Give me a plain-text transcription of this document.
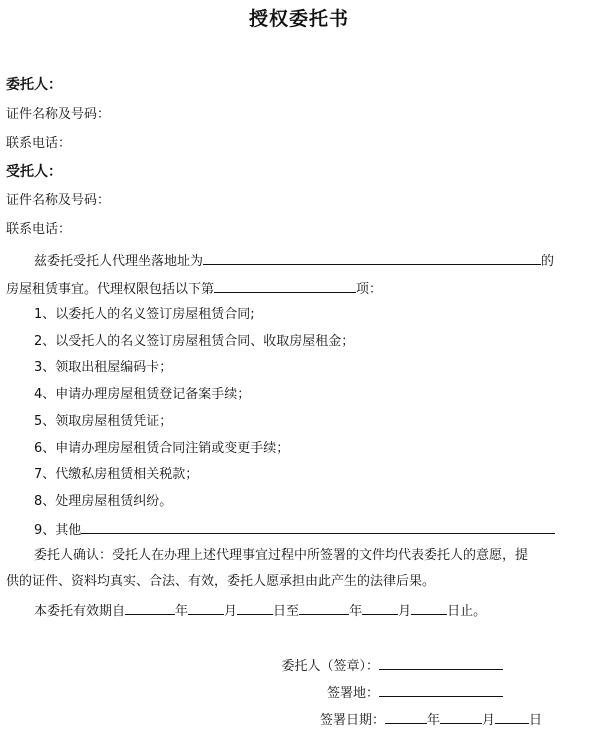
授权委托书
委托人：
证件名称及号码：
联系电话：
受托人：
证件名称及号码：
联系电话：
兹委托受托人代理坐落地址为	的
房屋租赁事宜。代理权限包括以下第	项：
1、以委托人的名义签订房屋租赁合同;
2、以受托人的名义签订房屋租赁合同、收取房屋租金；
3、领取出租屋编码卡；
4、申请办理房屋租赁登记备案手续；
5、领取房屋租赁凭证；
6、申请办理房屋租赁合同注销或变更手续；
7、代缴私房租赁相关税款；
8、处理房屋租赁纠纷。
9、其他
委托人确认：受托人在办理上述代理事宜过程中所签署的文件均代表委托人的意愿，提
供的证件、资料均真实、合法、有效，委托人愿承担由此产生的法律后果。
本委托有效期自	年	月	日至	年	月	日止。
委托人（签章）：
签署地：
签署日期：	年	月	日
